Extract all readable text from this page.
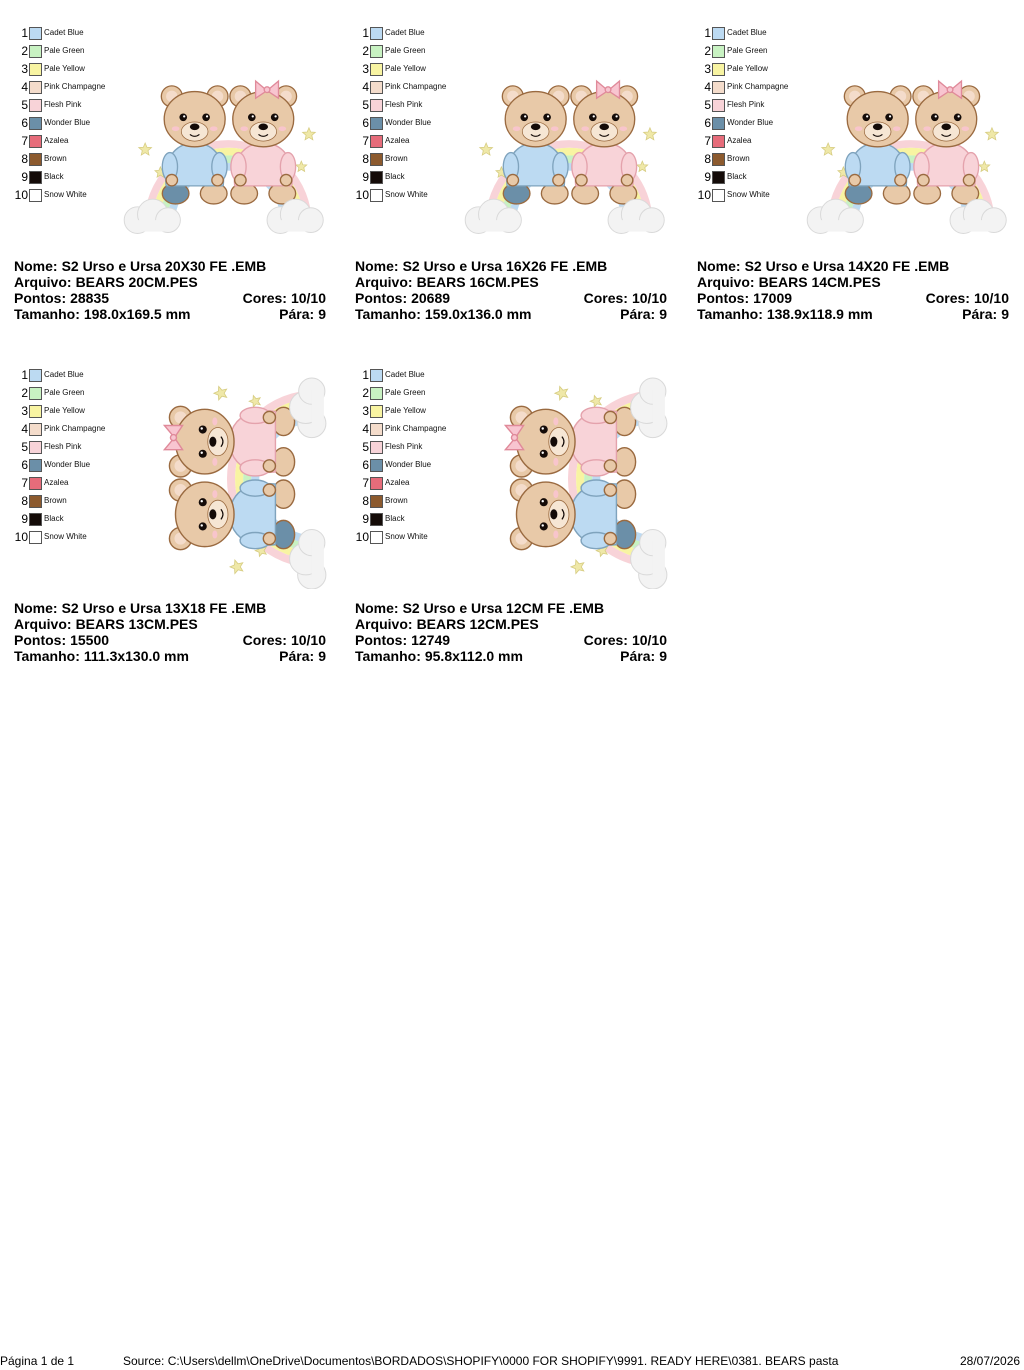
1 Cadet Blue
2 Pale Green
3 Pale Yellow
4 Pink Champagne
5 Flesh Pink
6 Wonder Blue
7 Azalea
8 Brown
9 Black
10 Snow White
Nome: S2 Urso e Ursa 20X30 FE .EMB
Arquivo: BEARS 20CM.PES
Pontos: 28835	Cores: 10/10
Tamanho: 198.0x169.5 mm	Pára: 9
1 Cadet Blue
2 Pale Green
3 Pale Yellow
4 Pink Champagne
5 Flesh Pink
6 Wonder Blue
7 Azalea
8 Brown
9 Black
10 Snow White
Nome: S2 Urso e Ursa 16X26 FE .EMB
Arquivo: BEARS 16CM.PES
Pontos: 20689	Cores: 10/10
Tamanho: 159.0x136.0 mm	Pára: 9
1 Cadet Blue
2 Pale Green
3 Pale Yellow
4 Pink Champagne
5 Flesh Pink
6 Wonder Blue
7 Azalea
8 Brown
9 Black
10 Snow White
Nome: S2 Urso e Ursa 14X20 FE .EMB
Arquivo: BEARS 14CM.PES
Pontos: 17009	Cores: 10/10
Tamanho: 138.9x118.9 mm	Pára: 9
1 Cadet Blue
2 Pale Green
3 Pale Yellow
4 Pink Champagne
5 Flesh Pink
6 Wonder Blue
7 Azalea
8 Brown
9 Black
10 Snow White
Nome: S2 Urso e Ursa 13X18 FE .EMB
Arquivo: BEARS 13CM.PES
Pontos: 15500	Cores: 10/10
Tamanho: 111.3x130.0 mm	Pára: 9
1 Cadet Blue
2 Pale Green
3 Pale Yellow
4 Pink Champagne
5 Flesh Pink
6 Wonder Blue
7 Azalea
8 Brown
9 Black
10 Snow White
Nome: S2 Urso e Ursa 12CM FE .EMB
Arquivo: BEARS 12CM.PES
Pontos: 12749	Cores: 10/10
Tamanho: 95.8x112.0 mm	Pára: 9
Página 1 de 1	Source: C:\Users\dellm\OneDrive\Documentos\BORDADOS\SHOPIFY\0000 FOR SHOPIFY\9991. READY HERE\0381. BEARS pasta	28/07/2026
